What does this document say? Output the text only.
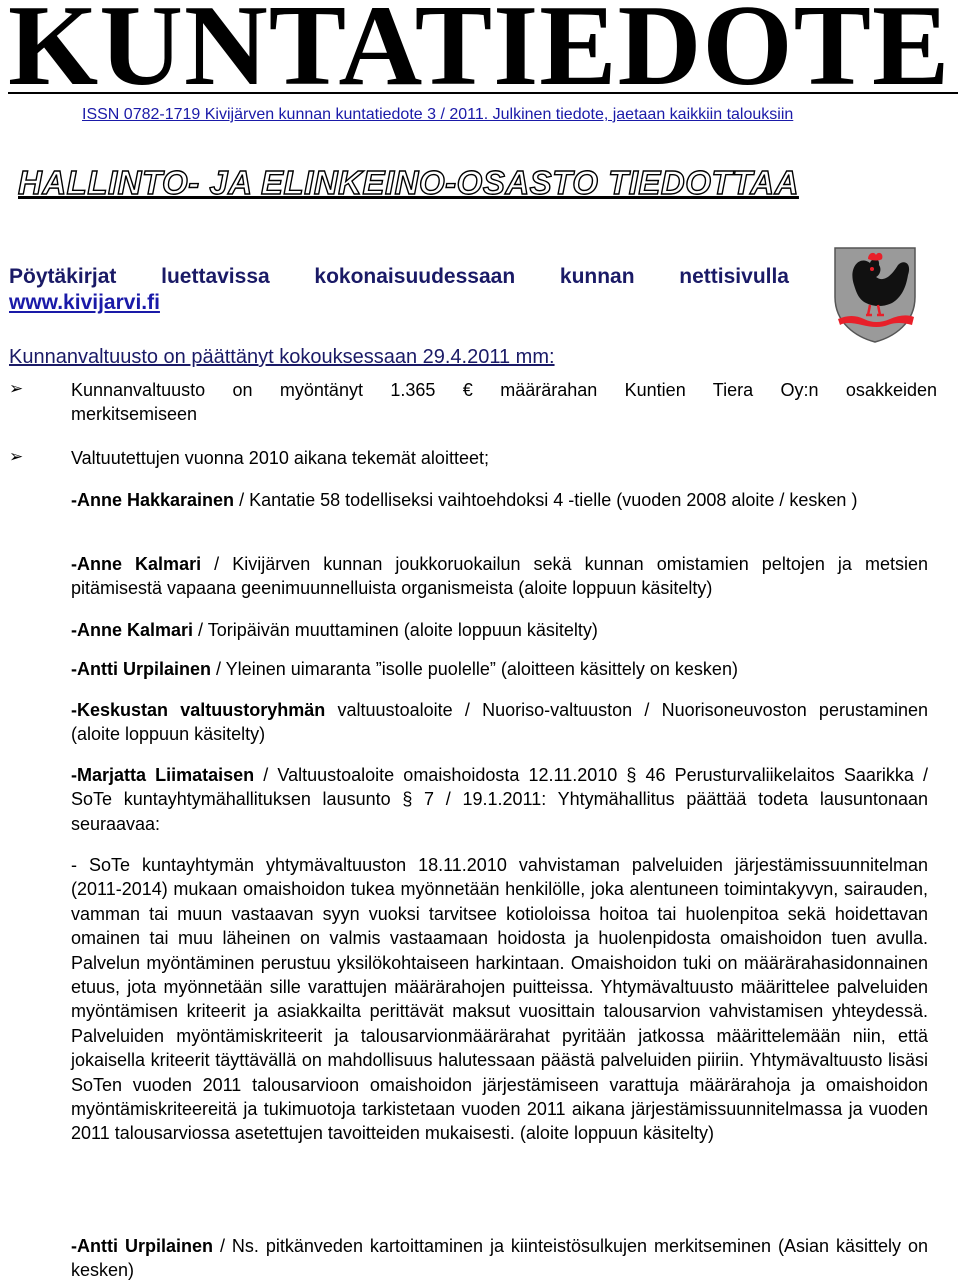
KUNTATIEDOTE
ISSN 0782-1719 Kivijärven kunnan kuntatiedote 3 / 2011. Julkinen tiedote, jaetaan kaikkiin talouksiin
HALLINTO- JA ELINKEINO-OSASTO TIEDOTTAA
Pöytäkirjat luettavissa kokonaisuudessaan kunnan nettisivulla
www.kivijarvi.fi
Kunnanvaltuusto on päättänyt kokouksessaan 29.4.2011 mm:
➢	Kunnanvaltuusto on myöntänyt 1.365 € määrärahan Kuntien Tiera Oy:n osakkeiden
merkitsemiseen
➢	Valtuutettujen vuonna 2010 aikana tekemät aloitteet;
-Anne Hakkarainen / Kantatie 58 todelliseksi vaihtoehdoksi 4 -tielle (vuoden 2008 aloite / kesken )
-Anne Kalmari / Kivijärven kunnan joukkoruokailun sekä kunnan omistamien peltojen ja metsien pitämisestä vapaana geenimuunnelluista organismeista (aloite loppuun käsitelty)
-Anne Kalmari / Toripäivän muuttaminen (aloite loppuun käsitelty)
-Antti Urpilainen / Yleinen uimaranta ”isolle puolelle” (aloitteen käsittely on kesken)
-Keskustan valtuustoryhmän valtuustoaloite / Nuoriso-valtuuston / Nuorisoneuvoston perustaminen (aloite loppuun käsitelty)
-Marjatta Liimataisen / Valtuustoaloite omaishoidosta 12.11.2010 § 46 Perusturvaliikelaitos Saarikka / SoTe kuntayhtymähallituksen lausunto § 7 / 19.1.2011: Yhtymähallitus päättää todeta lausuntonaan seuraavaa:
- SoTe kuntayhtymän yhtymävaltuuston 18.11.2010 vahvistaman palveluiden järjestämissuunnitelman (2011-2014) mukaan omaishoidon tukea myönnetään henkilölle, joka alentuneen toimintakyvyn, sairauden, vamman tai muun vastaavan syyn vuoksi tarvitsee kotioloissa hoitoa tai huolenpitoa sekä hoidettavan omainen tai muu läheinen on valmis vastaamaan hoidosta ja huolenpidosta omaishoidon tuen avulla. Palvelun myöntäminen perustuu yksilökohtaiseen harkintaan. Omaishoidon tuki on määrärahasidonnainen etuus, jota myönnetään sille varattujen määrärahojen puitteissa. Yhtymävaltuusto määrittelee palveluiden myöntämisen kriteerit ja asiakkailta perittävät maksut vuosittain talousarvion vahvistamisen yhteydessä. Palveluiden myöntämiskriteerit ja talousarvionmäärärahat pyritään jatkossa määrittelemään niin, että jokaisella kriteerit täyttävällä on mahdollisuus halutessaan päästä palveluiden piiriin. Yhtymävaltuusto lisäsi SoTen vuoden 2011 talousarvioon omaishoidon järjestämiseen varattuja määrärahoja ja omaishoidon myöntämiskriteereitä ja tukimuotoja tarkistetaan vuoden 2011 aikana järjestämissuunnitelmassa ja vuoden 2011 talousarviossa asetettujen tavoitteiden mukaisesti. (aloite loppuun käsitelty)
-Antti Urpilainen / Ns. pitkänveden kartoittaminen ja kiinteistösulkujen merkitseminen (Asian käsittely on kesken)
